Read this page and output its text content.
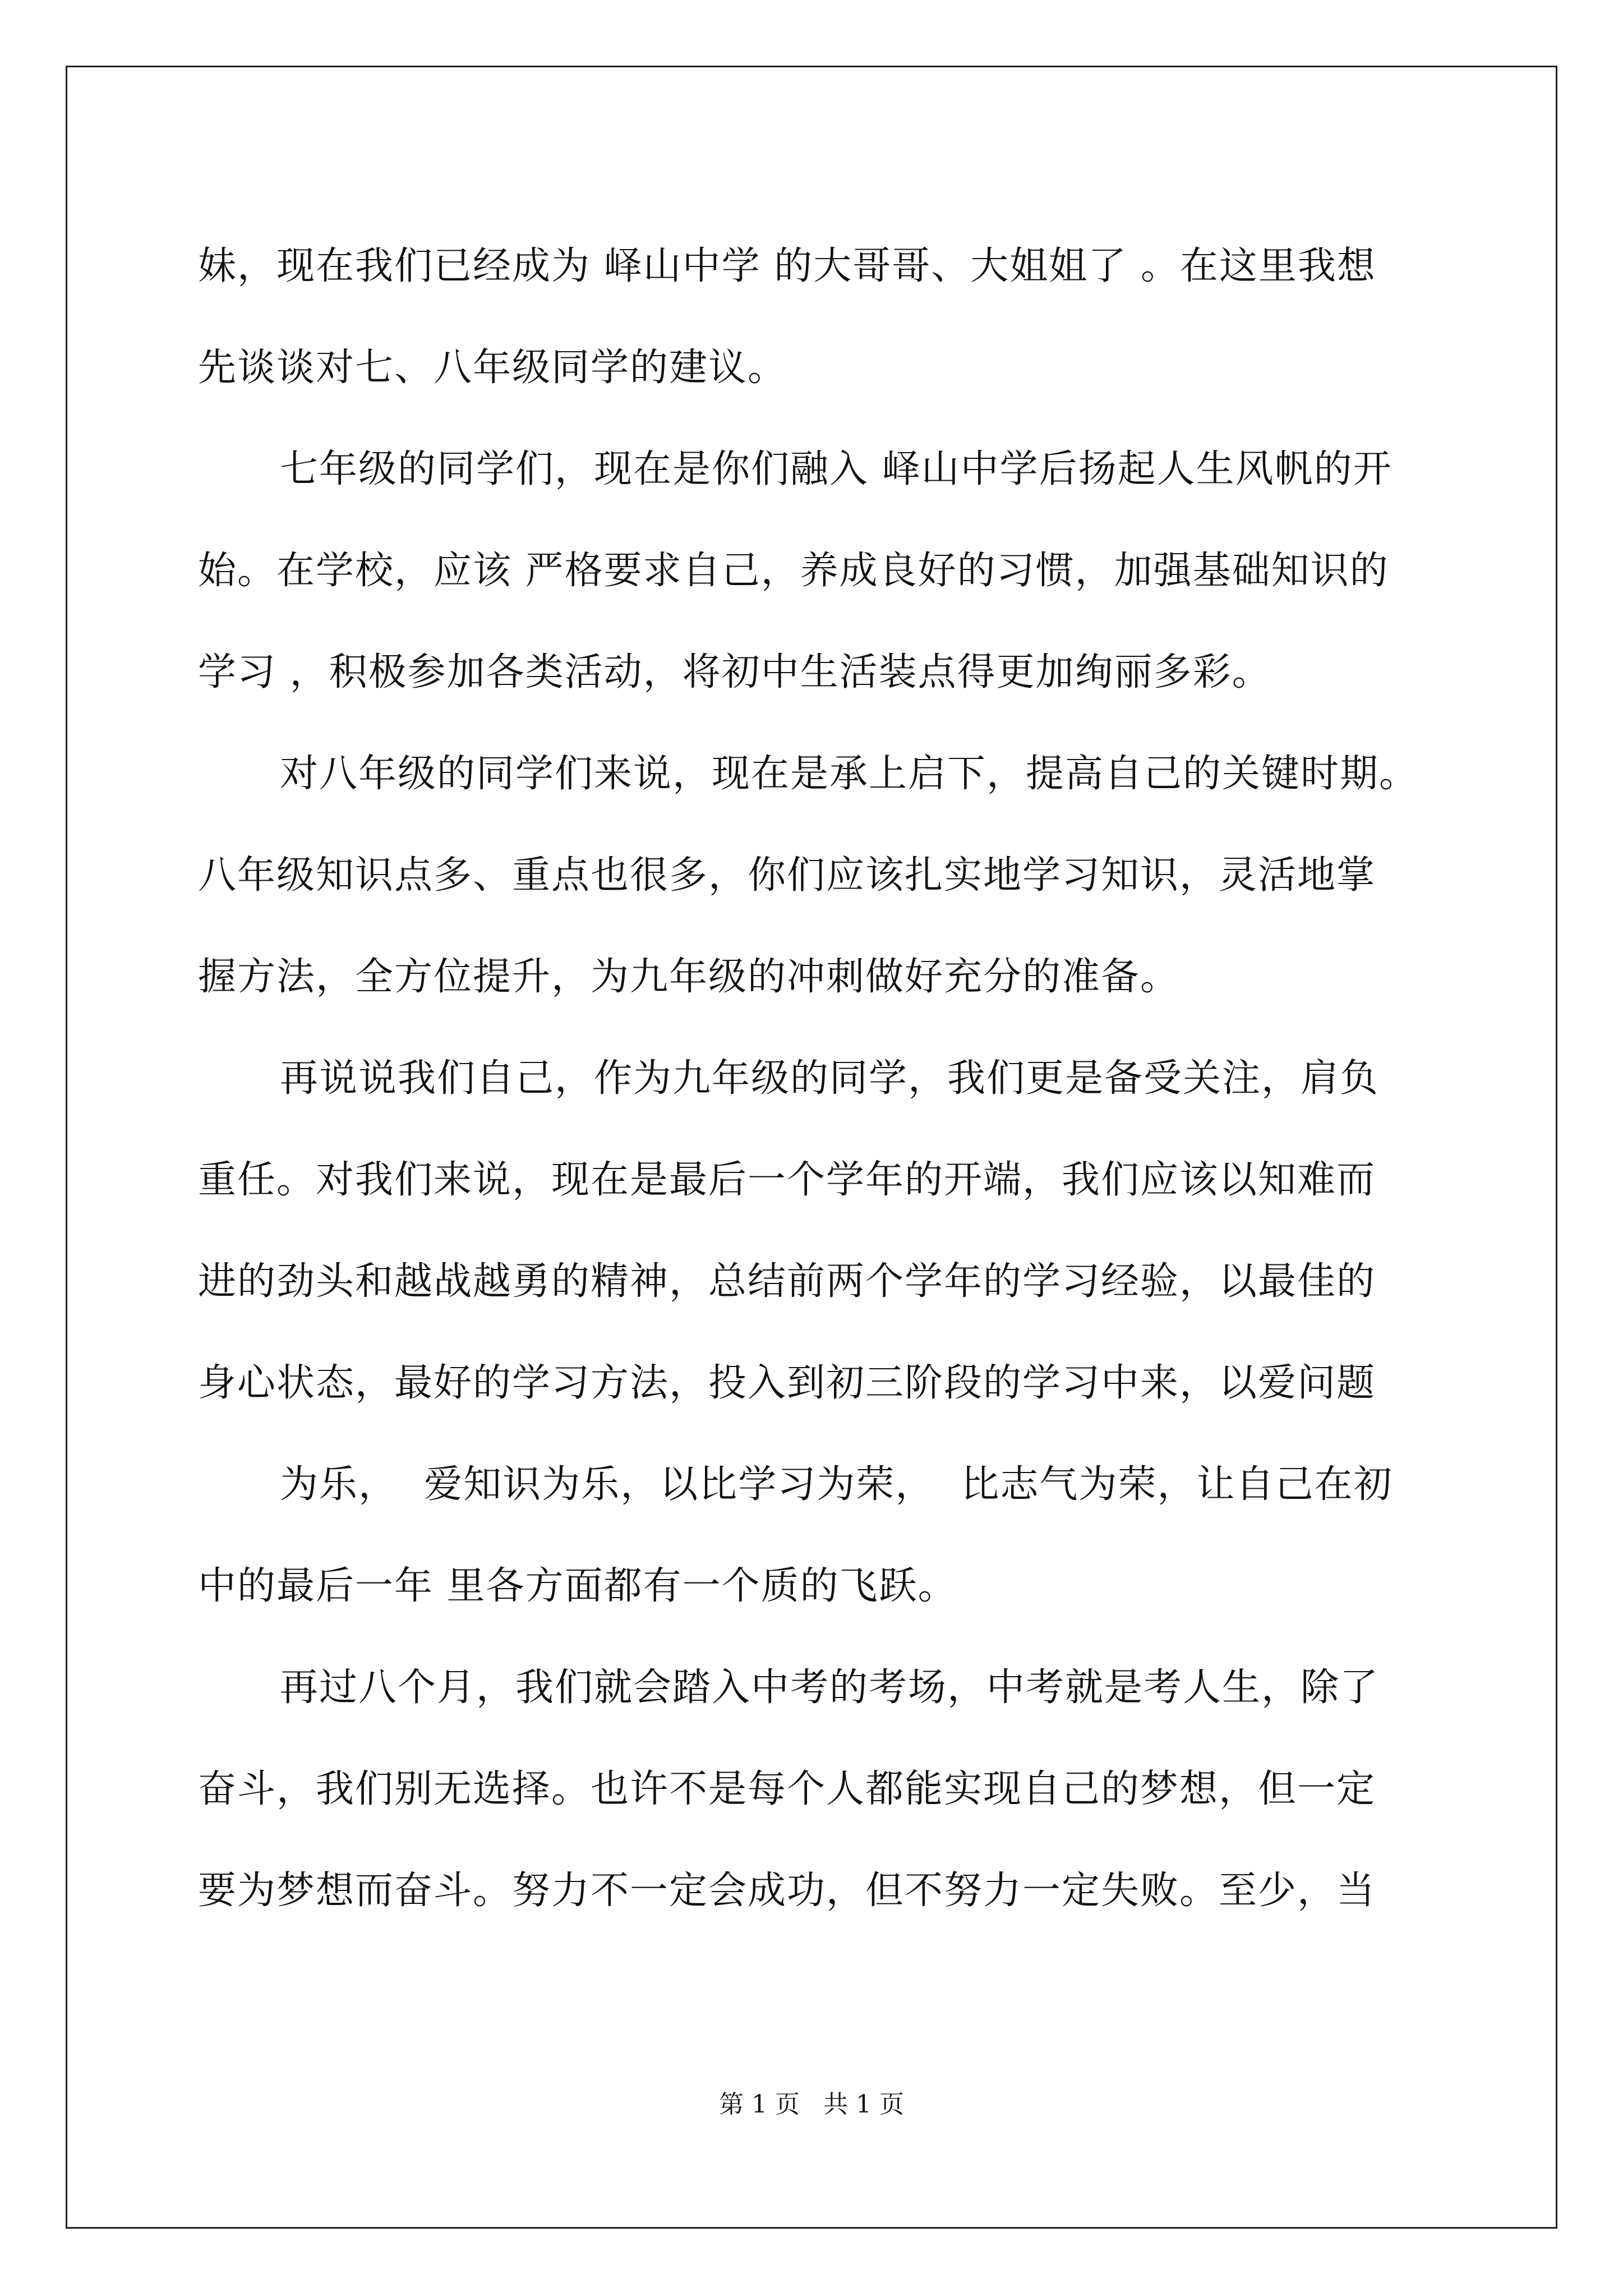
妹，现在我们已经成为 峄山中学 的大哥哥、大姐姐了 。在这里我想
先谈谈对七、八年级同学的建议。
七年级的同学们，现在是你们融入 峄山中学后扬起人生风帆的开
始。在学校，应该 严格要求自己，养成良好的习惯，加强基础知识的
学习 ，积极参加各类活动，将初中生活装点得更加绚丽多彩。
对八年级的同学们来说，现在是承上启下，提高自己的关键时期。
八年级知识点多、重点也很多，你们应该扎实地学习知识，灵活地掌
握方法，全方位提升，为九年级的冲刺做好充分的准备。
再说说我们自己，作为九年级的同学，我们更是备受关注，肩负
重任。对我们来说，现在是最后一个学年的开端，我们应该以知难而
进的劲头和越战越勇的精神，总结前两个学年的学习经验，以最佳的
身心状态，最好的学习方法，投入到初三阶段的学习中来，以爱问题
为乐，  爱知识为乐，以比学习为荣，  比志气为荣，让自己在初
中的最后一年 里各方面都有一个质的飞跃。
再过八个月，我们就会踏入中考的考场，中考就是考人生，除了
奋斗，我们别无选择。也许不是每个人都能实现自己的梦想，但一定
要为梦想而奋斗。努力不一定会成功，但不努力一定失败。至少，当
第 1 页   共 1 页
